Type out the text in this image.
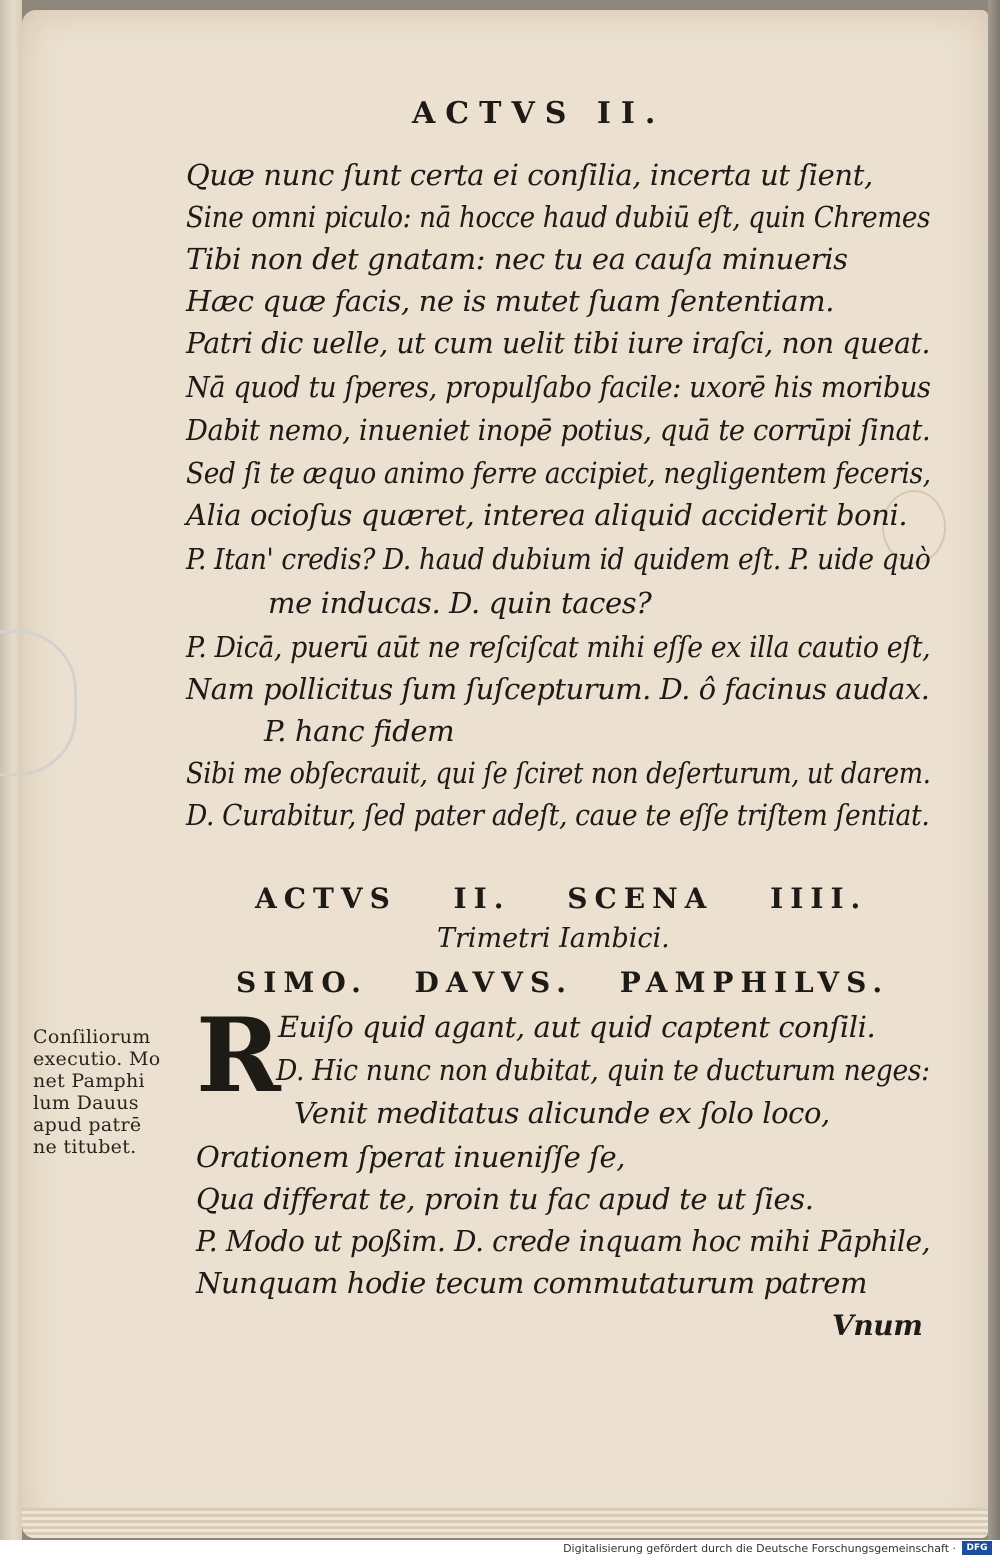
ACTVS II.
Quæ nunc ſunt certa ei conſilia, incerta ut ſient,
Sine omni piculo: nā hocce haud dubiū eſt, quin Chremes
Tibi non det gnatam: nec tu ea cauſa minueris
Hæc quæ facis, ne is mutet ſuam ſententiam.
Patri dic uelle, ut cum uelit tibi iure iraſci, non queat.
Nā quod tu ſperes, propulſabo facile: uxorē his moribus
Dabit nemo, inueniet inopē potius, quā te corrūpi ſinat.
Sed ſi te æquo animo ferre accipiet, negligentem feceris,
Alia ocioſus quæret, interea aliquid acciderit boni.
P. Itan' credis? D. haud dubium id quidem eſt. P. uide quò
me inducas. D. quin taces?
P. Dicā, puerū aūt ne reſciſcat mihi eſſe ex illa cautio eſt,
Nam pollicitus ſum ſuſcepturum. D. ô facinus audax.
P. hanc fidem
Sibi me obſecrauit, qui ſe ſciret non deſerturum, ut darem.
D. Curabitur, ſed pater adeſt, caue te eſſe triſtem ſentiat.
ACTVS II. SCENA IIII.
Trimetri Iambici.
SIMO. DAVVS. PAMPHILVS.
Conſiliorum
executio. Mo
net Pamphi
lum Dauus
apud patrē
ne titubet.
R
Euiſo quid agant, aut quid captent conſili.
D. Hic nunc non dubitat, quin te ducturum neges:
Venit meditatus alicunde ex ſolo loco,
Orationem ſperat inueniſſe ſe,
Qua differat te, proin tu fac apud te ut ſies.
P. Modo ut poßim. D. crede inquam hoc mihi Pāphile,
Nunquam hodie tecum commutaturum patrem
Vnum
Digitalisierung gefördert durch die Deutsche Forschungsgemeinschaft ·	DFG
